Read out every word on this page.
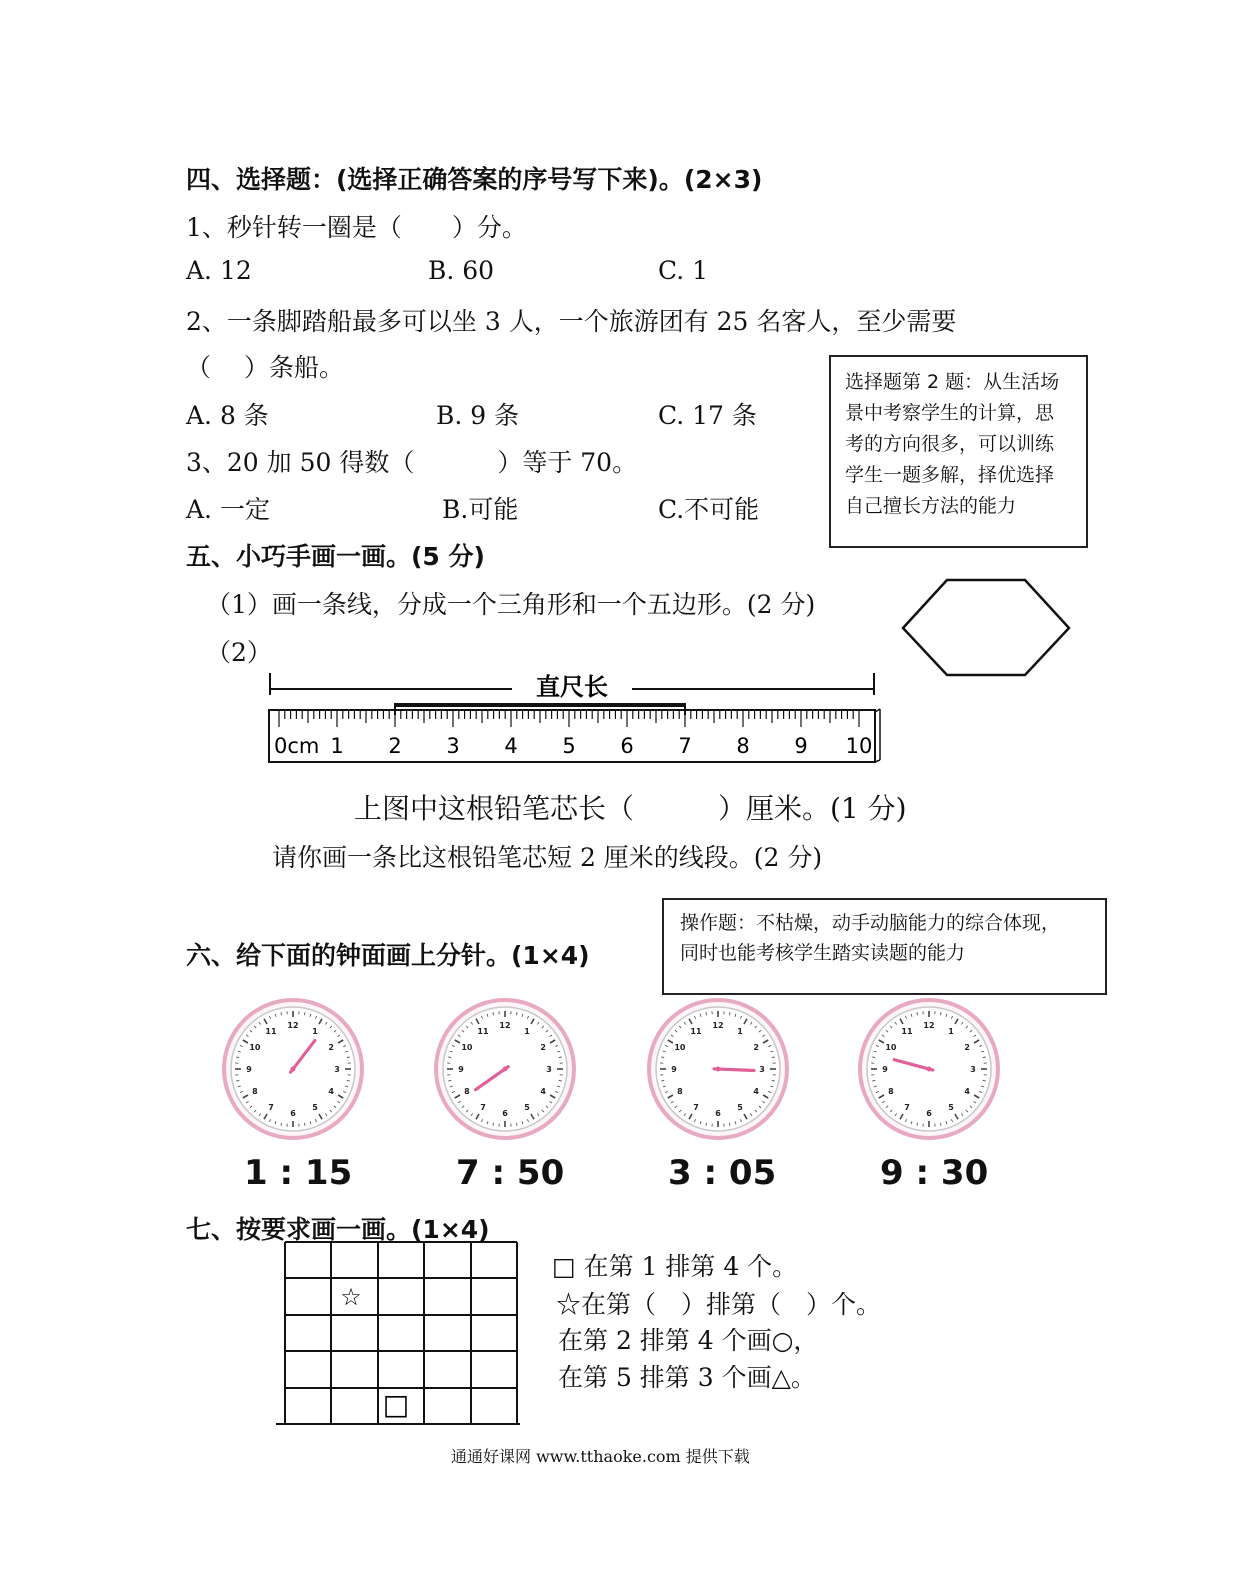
四、选择题：(选择正确答案的序号写下来)。(2×3)
1、秒针转一圈是（　　）分。
A. 12	B. 60	C. 1
2、一条脚踏船最多可以坐 3 人，一个旅游团有 25 名客人，至少需要
（　 ）条船。
A. 8 条	B. 9 条	C. 17 条
3、20 加 50 得数（　　　 ）等于 70。
A. 一定	B.可能	C.不可能
选择题第 2 题：从生活场
景中考察学生的计算，思
考的方向很多，可以训练
学生一题多解，择优选择
自己擅长方法的能力
五、小巧手画一画。(5 分)
（1）画一条线，分成一个三角形和一个五边形。(2 分)
（2）
直尺长
0cm 1 2 3 4 5 6 7 8 9 10
上图中这根铅笔芯长（　　　）厘米。(1 分)
请你画一条比这根铅笔芯短 2 厘米的线段。(2 分)
操作题：不枯燥，动手动脑能力的综合体现，
同时也能考核学生踏实读题的能力
六、给下面的钟面画上分针。(1×4)
12
1
2
3
4
5
6
7
8
9
10
11
12
1
2
3
4
5
6
7
8
9
10
11
12
1
2
3
4
5
6
7
8
9
10
11
12
1
2
3
4
5
6
7
8
9
10
11
1 : 15	7 : 50	3 : 05	9 : 30
七、按要求画一画。(1×4)
☆
□
□ 在第 1 排第 4 个。
☆在第（　）排第（　）个。
在第 2 排第 4 个画○，
在第 5 排第 3 个画△。
通通好课网 www.tthaoke.com 提供下载
